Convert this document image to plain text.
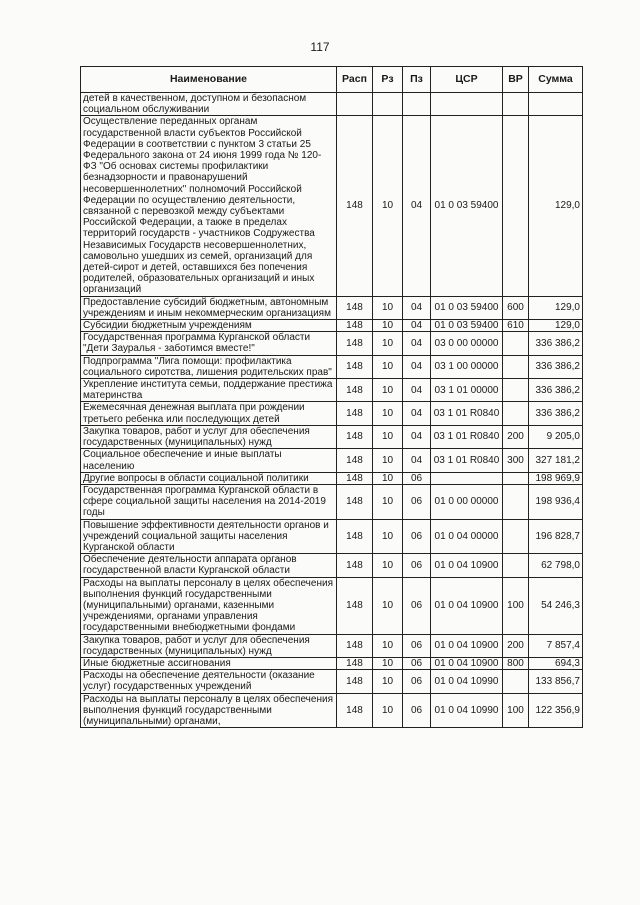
117
Наименование	Расп	Рз	Пз	ЦСР	ВР	Сумма
детей в качественном, доступном и безопасном социальном обслуживании						
Осуществление переданных органам государственной власти субъектов Российской Федерации в соответствии с пунктом 3 статьи 25 Федерального закона от 24 июня 1999 года № 120-ФЗ "Об основах системы профилактики безнадзорности и правонарушений несовершеннолетних" полномочий Российской Федерации по осуществлению деятельности, связанной с перевозкой между субъектами Российской Федерации, а также в пределах территорий государств - участников Содружества Независимых Государств несовершеннолетних, самовольно ушедших из семей, организаций для детей-сирот и детей, оставшихся без попечения родителей, образовательных организаций и иных организаций	148	10	04	01 0 03 59400		129,0
Предоставление субсидий бюджетным, автономным учреждениям и иным некоммерческим организациям	148	10	04	01 0 03 59400	600	129,0
Субсидии бюджетным учреждениям	148	10	04	01 0 03 59400	610	129,0
Государственная программа Курганской области "Дети Зауралья - заботимся вместе!"	148	10	04	03 0 00 00000		336 386,2
Подпрограмма "Лига помощи: профилактика социального сиротства, лишения родительских прав"	148	10	04	03 1 00 00000		336 386,2
Укрепление института семьи, поддержание престижа материнства	148	10	04	03 1 01 00000		336 386,2
Ежемесячная денежная выплата при рождении третьего ребенка или последующих детей	148	10	04	03 1 01 R0840		336 386,2
Закупка товаров, работ и услуг для обеспечения государственных (муниципальных) нужд	148	10	04	03 1 01 R0840	200	9 205,0
Социальное обеспечение и иные выплаты населению	148	10	04	03 1 01 R0840	300	327 181,2
Другие вопросы в области социальной политики	148	10	06			198 969,9
Государственная программа Курганской области в сфере социальной защиты населения на 2014-2019 годы	148	10	06	01 0 00 00000		198 936,4
Повышение эффективности деятельности органов и учреждений социальной защиты населения Курганской области	148	10	06	01 0 04 00000		196 828,7
Обеспечение деятельности аппарата органов государственной власти Курганской области	148	10	06	01 0 04 10900		62 798,0
Расходы на выплаты персоналу в целях обеспечения выполнения функций государственными (муниципальными) органами, казенными учреждениями, органами управления государственными внебюджетными фондами	148	10	06	01 0 04 10900	100	54 246,3
Закупка товаров, работ и услуг для обеспечения государственных (муниципальных) нужд	148	10	06	01 0 04 10900	200	7 857,4
Иные бюджетные ассигнования	148	10	06	01 0 04 10900	800	694,3
Расходы на обеспечение деятельности (оказание услуг) государственных учреждений	148	10	06	01 0 04 10990		133 856,7
Расходы на выплаты персоналу в целях обеспечения выполнения функций государственными (муниципальными) органами,	148	10	06	01 0 04 10990	100	122 356,9
